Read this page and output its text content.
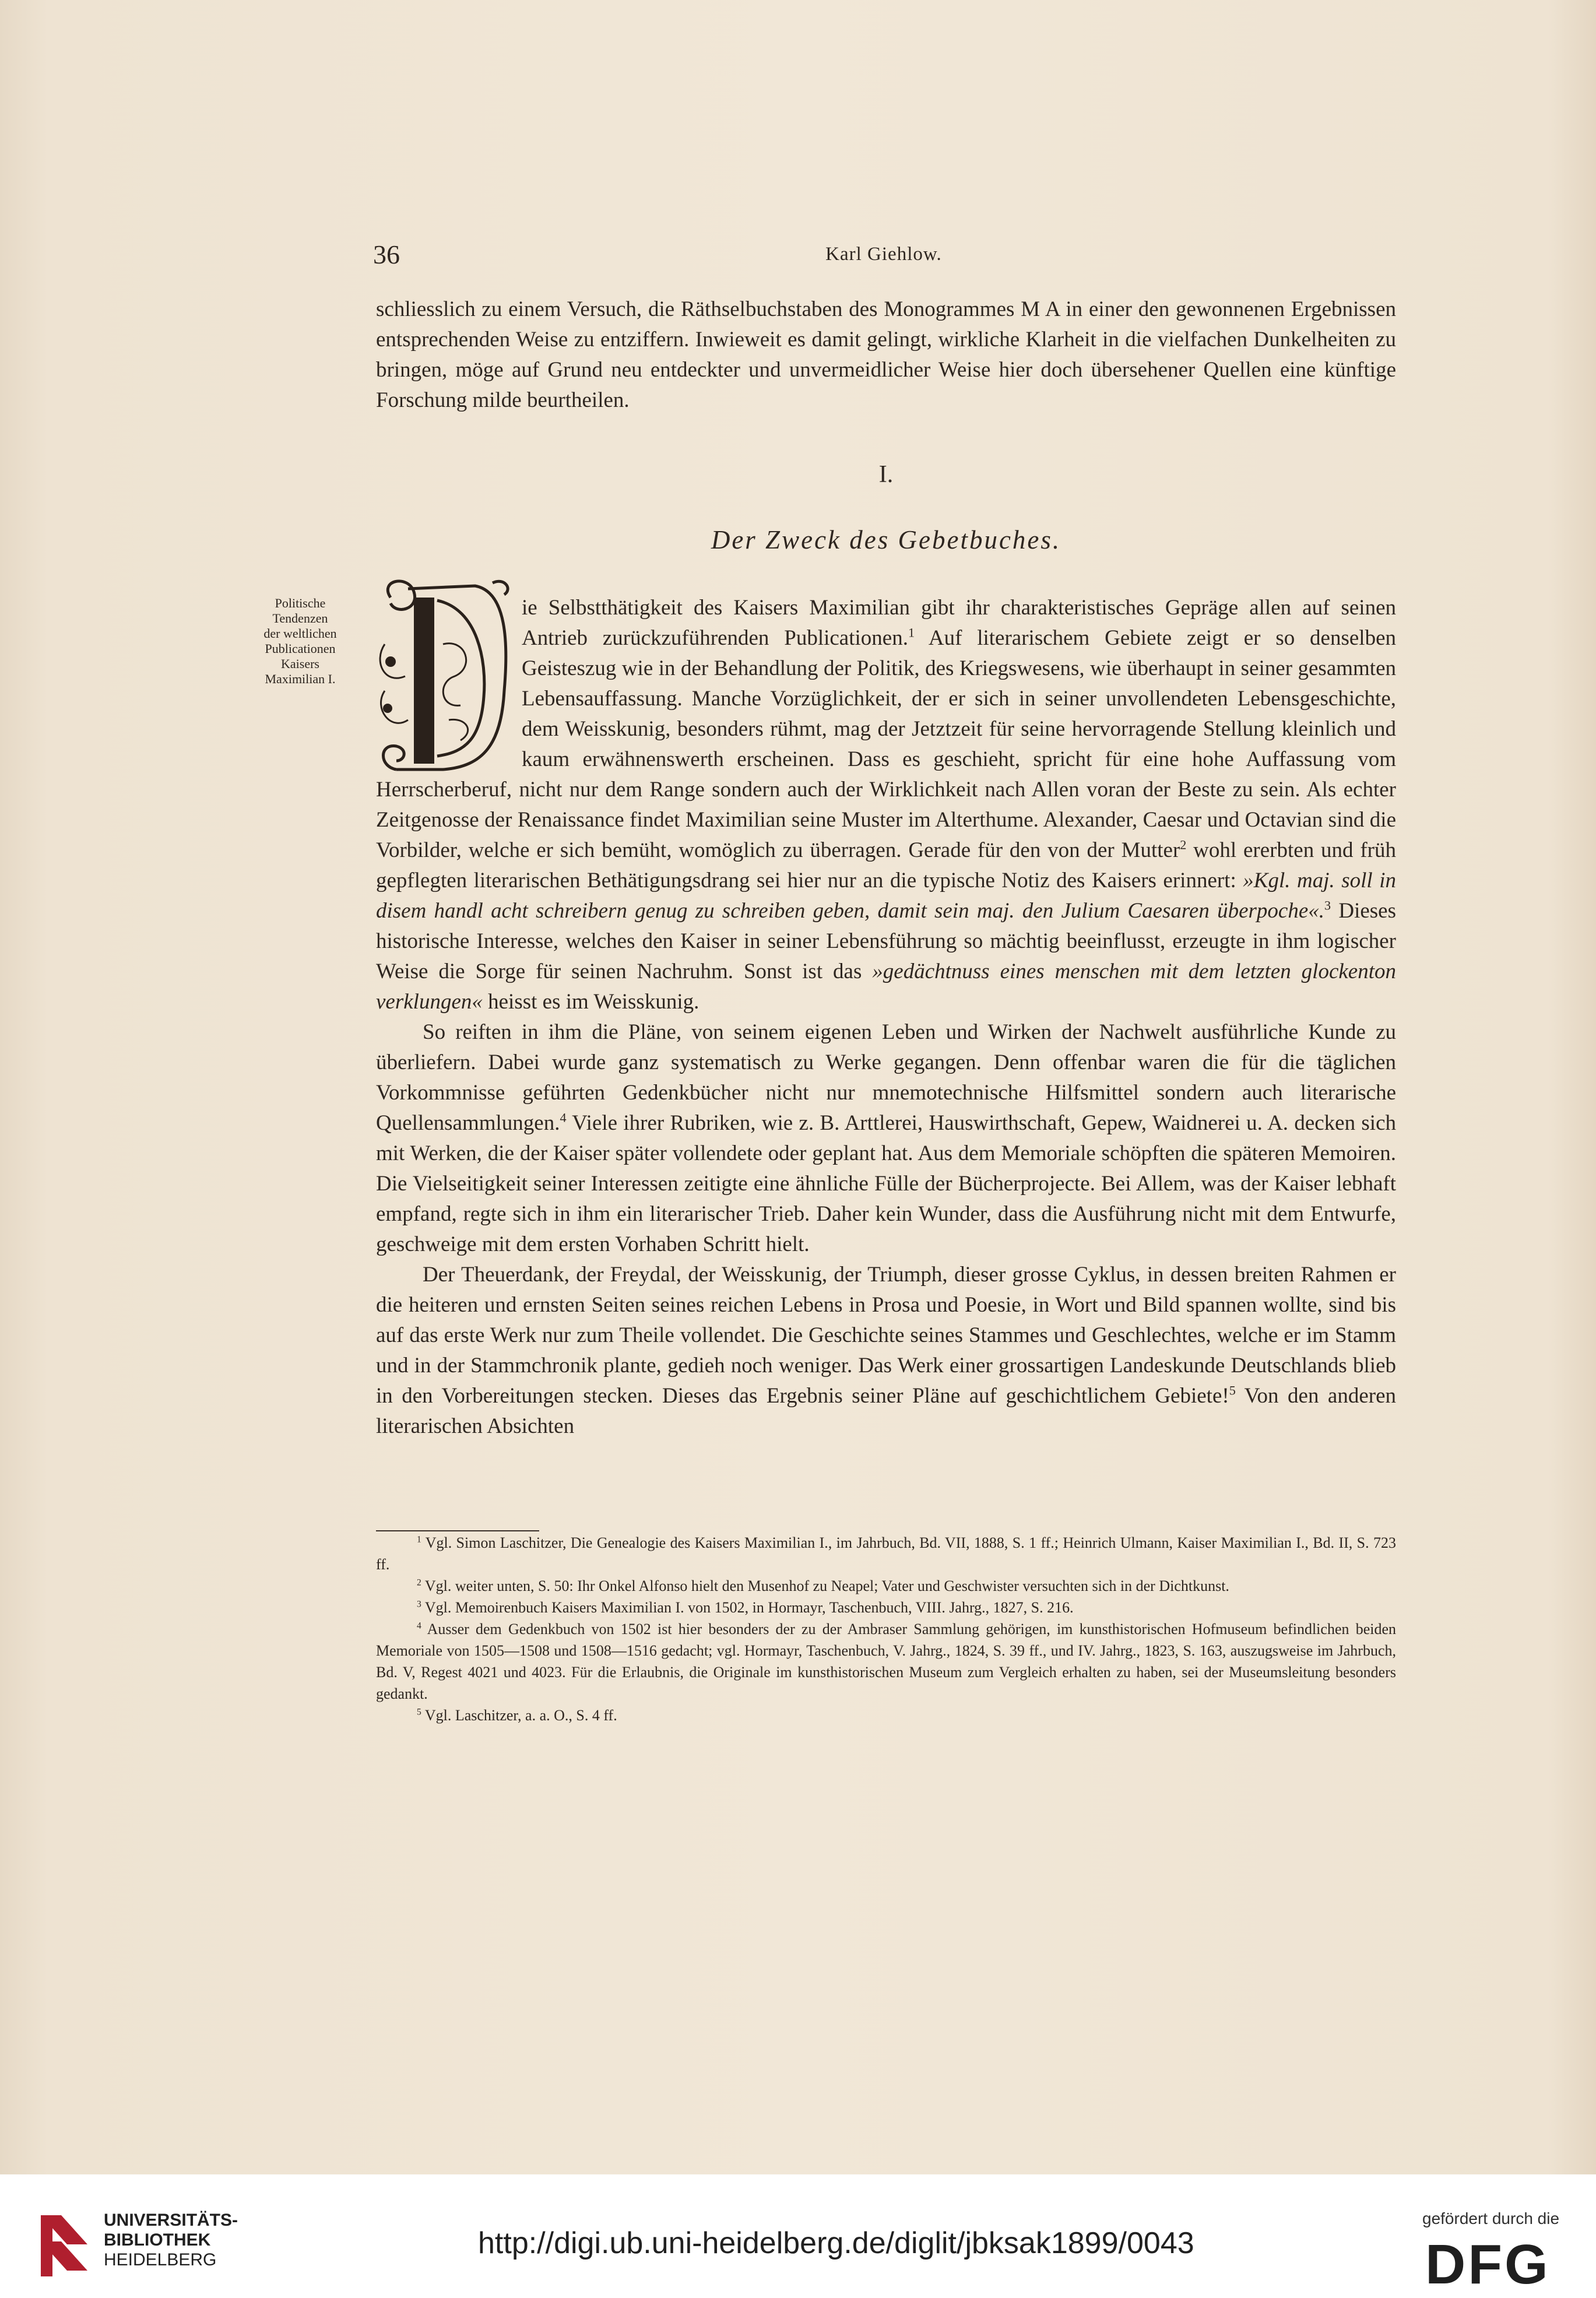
36	Karl Giehlow.

schliesslich zu einem Versuch, die Räthselbuchstaben des Monogrammes M A in einer den gewonnenen Ergebnissen entsprechenden Weise zu entziffern. Inwieweit es damit gelingt, wirkliche Klarheit in die vielfachen Dunkelheiten zu bringen, möge auf Grund neu entdeckter und unvermeidlicher Weise hier doch übersehener Quellen eine künftige Forschung milde beurtheilen.

I.
Der Zweck des Gebetbuches.
Politische
Tendenzen
der weltlichen
Publicationen
Kaisers
Maximilian I.

ie Selbstthätigkeit des Kaisers Maximilian gibt ihr charakteristisches Gepräge allen auf seinen Antrieb zurückzuführenden Publicationen.$^1$ Auf literarischem Gebiete zeigt er so denselben Geisteszug wie in der Behandlung der Politik, des Kriegswesens, wie überhaupt in seiner gesammten Lebensauffassung. Manche Vorzüglichkeit, der er sich in seiner unvollendeten Lebensgeschichte, dem Weisskunig, besonders rühmt, mag der Jetztzeit für seine hervorragende Stellung kleinlich und kaum erwähnenswerth erscheinen. Dass es geschieht, spricht für eine hohe Auffassung vom Herrscherberuf, nicht nur dem Range sondern auch der Wirklichkeit nach Allen voran der Beste zu sein. Als echter Zeitgenosse der Renaissance findet Maximilian seine Muster im Alterthume. Alexander, Caesar und Octavian sind die Vorbilder, welche er sich bemüht, womöglich zu überragen. Gerade für den von der Mutter$^2$ wohl ererbten und früh gepflegten literarischen Bethätigungsdrang sei hier nur an die typische Notiz des Kaisers erinnert: »Kgl. maj. soll in disem handl acht schreibern genug zu schreiben geben, damit sein maj. den Julium Caesaren überpoche«.$^3$ Dieses historische Interesse, welches den Kaiser in seiner Lebensführung so mächtig beeinflusst, erzeugte in ihm logischer Weise die Sorge für seinen Nachruhm. Sonst ist das »gedächtnuss eines menschen mit dem letzten glockenton verklungen« heisst es im Weisskunig.

So reiften in ihm die Pläne, von seinem eigenen Leben und Wirken der Nachwelt ausführliche Kunde zu überliefern. Dabei wurde ganz systematisch zu Werke gegangen. Denn offenbar waren die für die täglichen Vorkommnisse geführten Gedenkbücher nicht nur mnemotechnische Hilfsmittel sondern auch literarische Quellensammlungen.$^4$ Viele ihrer Rubriken, wie z. B. Arttlerei, Hauswirthschaft, Gepew, Waidnerei u. A. decken sich mit Werken, die der Kaiser später vollendete oder geplant hat. Aus dem Memoriale schöpften die späteren Memoiren. Die Vielseitigkeit seiner Interessen zeitigte eine ähnliche Fülle der Bücherprojecte. Bei Allem, was der Kaiser lebhaft empfand, regte sich in ihm ein literarischer Trieb. Daher kein Wunder, dass die Ausführung nicht mit dem Entwurfe, geschweige mit dem ersten Vorhaben Schritt hielt.

Der Theuerdank, der Freydal, der Weisskunig, der Triumph, dieser grosse Cyklus, in dessen breiten Rahmen er die heiteren und ernsten Seiten seines reichen Lebens in Prosa und Poesie, in Wort und Bild spannen wollte, sind bis auf das erste Werk nur zum Theile vollendet. Die Geschichte seines Stammes und Geschlechtes, welche er im Stamm und in der Stammchronik plante, gedieh noch weniger. Das Werk einer grossartigen Landeskunde Deutschlands blieb in den Vorbereitungen stecken. Dieses das Ergebnis seiner Pläne auf geschichtlichem Gebiete!$^5$ Von den anderen literarischen Absichten

$^1$ Vgl. Simon Laschitzer, Die Genealogie des Kaisers Maximilian I., im Jahrbuch, Bd. VII, 1888, S. 1 ff.; Heinrich Ulmann, Kaiser Maximilian I., Bd. II, S. 723 ff.

$^2$ Vgl. weiter unten, S. 50: Ihr Onkel Alfonso hielt den Musenhof zu Neapel; Vater und Geschwister versuchten sich in der Dichtkunst.

$^3$ Vgl. Memoirenbuch Kaisers Maximilian I. von 1502, in Hormayr, Taschenbuch, VIII. Jahrg., 1827, S. 216.

$^4$ Ausser dem Gedenkbuch von 1502 ist hier besonders der zu der Ambraser Sammlung gehörigen, im kunsthistorischen Hofmuseum befindlichen beiden Memoriale von 1505—1508 und 1508—1516 gedacht; vgl. Hormayr, Taschenbuch, V. Jahrg., 1824, S. 39 ff., und IV. Jahrg., 1823, S. 163, auszugsweise im Jahrbuch, Bd. V, Regest 4021 und 4023. Für die Erlaubnis, die Originale im kunsthistorischen Museum zum Vergleich erhalten zu haben, sei der Museumsleitung besonders gedankt.

$^5$ Vgl. Laschitzer, a. a. O., S. 4 ff.

UNIVERSITÄTS-
BIBLIOTHEK
HEIDELBERG	http://digi.ub.uni-heidelberg.de/diglit/jbksak1899/0043
gefördert durch die
DFG
